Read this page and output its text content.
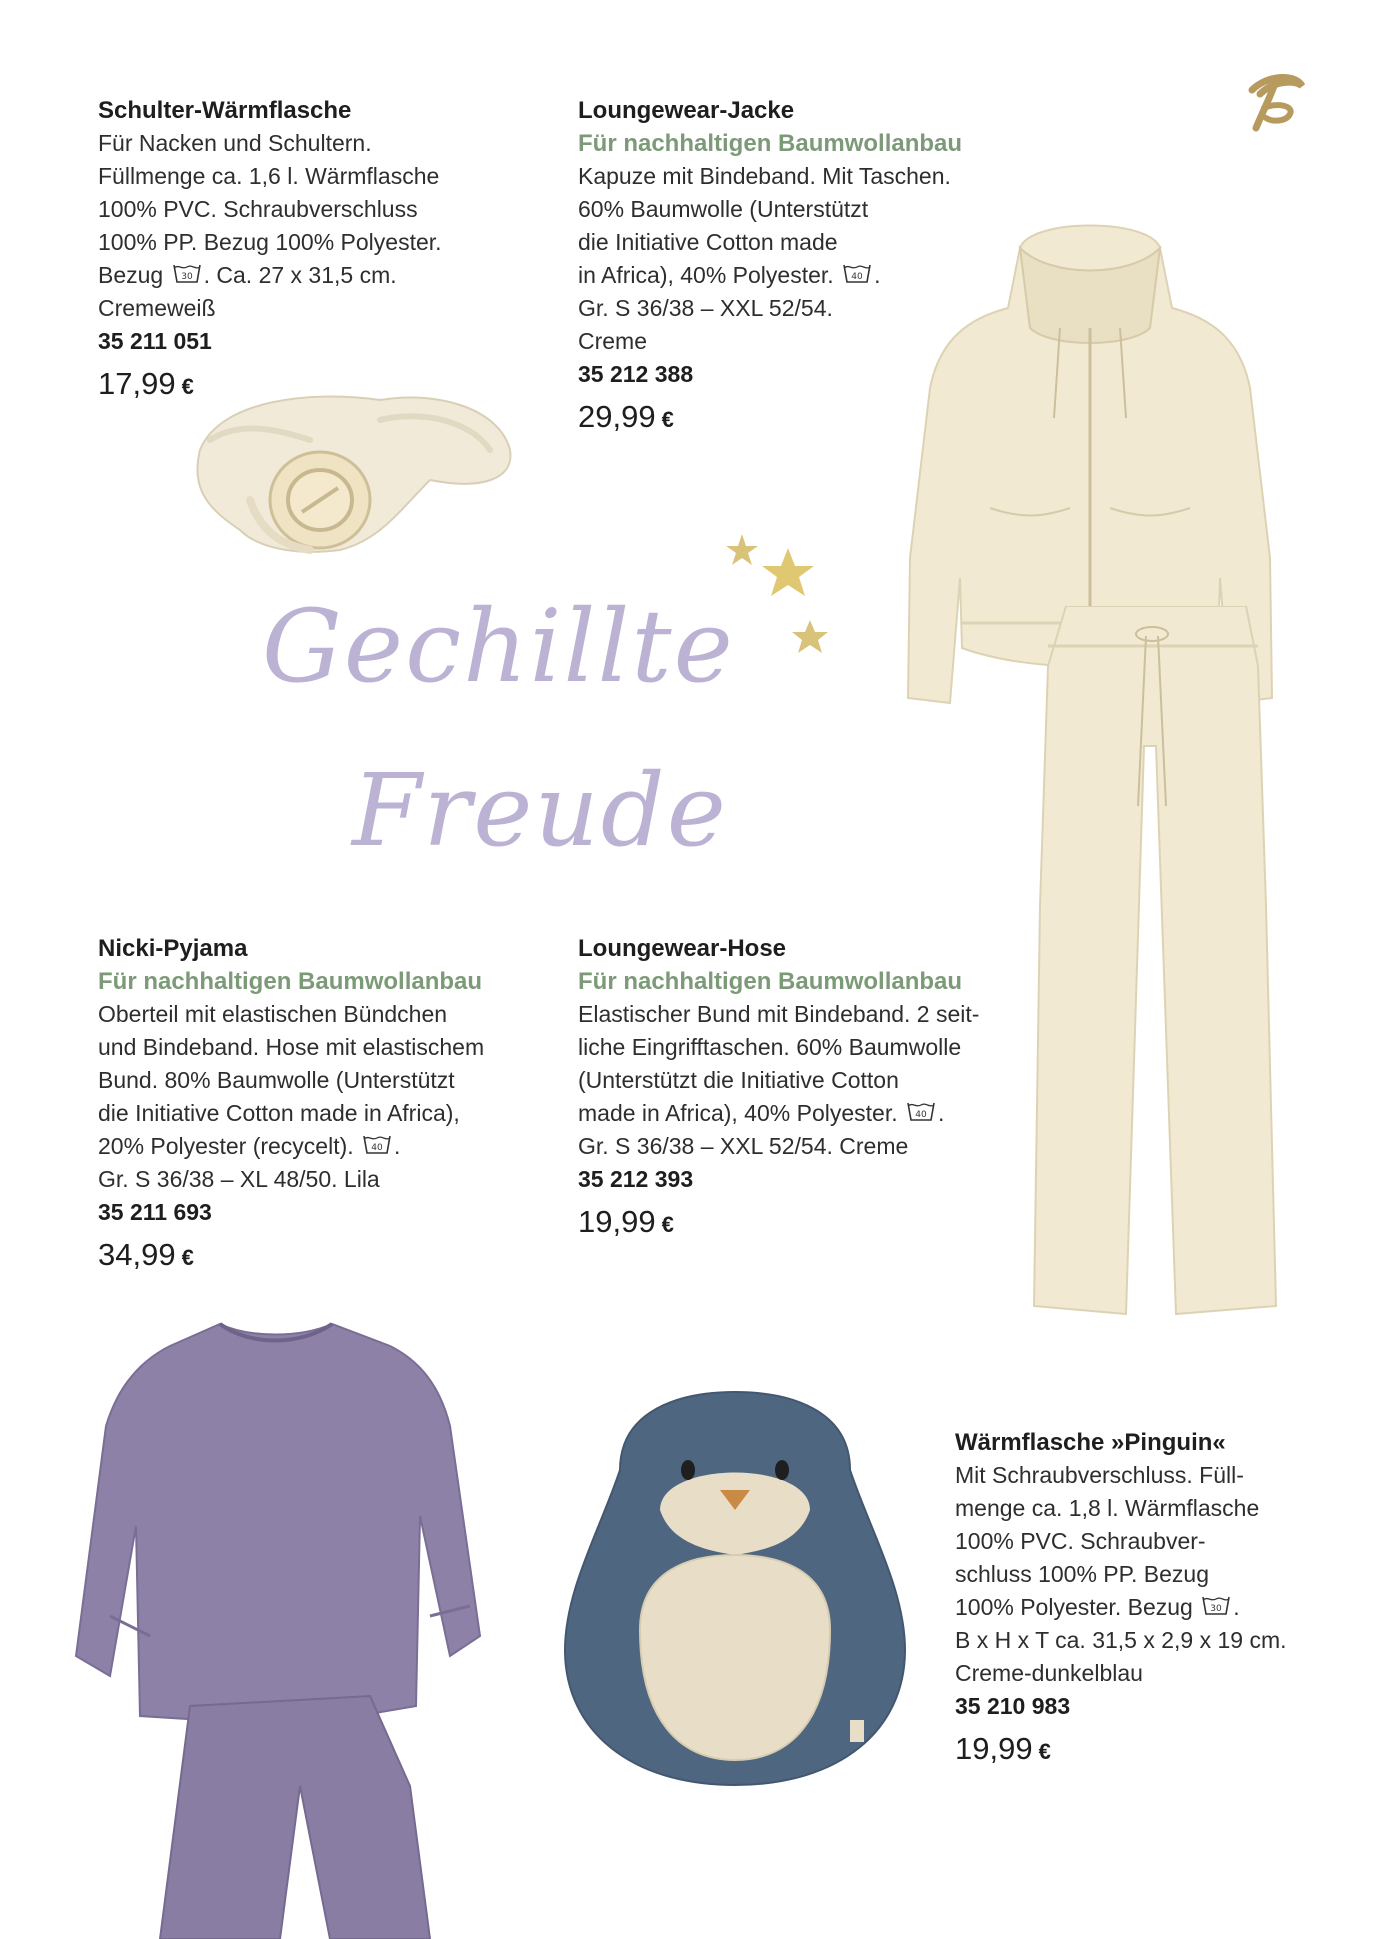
Schulter-Wärmflasche
Für Nacken und Schultern.
Füllmenge ca. 1,6 l. Wärmflasche
100% PVC. Schraubverschluss
100% PP. Bezug 100% Polyester.
Bezug 30 . Ca. 27 x 31,5 cm.
Cremeweiß
35 211 051
17,99 €
Loungewear-Jacke
Für nachhaltigen Baumwollanbau
Kapuze mit Bindeband. Mit Taschen.
60% Baumwolle (Unterstützt
die Initiative Cotton made
in Africa), 40% Polyester. 40 .
Gr. S 36/38 – XXL 52/54.
Creme
35 212 388
29,99 €
Gechillte
Freude
Nicki-Pyjama
Für nachhaltigen Baumwollanbau
Oberteil mit elastischen Bündchen
und Bindeband. Hose mit elastischem
Bund. 80% Baumwolle (Unterstützt
die Initiative Cotton made in Africa),
20% Polyester (recycelt). 40 .
Gr. S 36/38 – XL 48/50. Lila
35 211 693
34,99 €
Loungewear-Hose
Für nachhaltigen Baumwollanbau
Elastischer Bund mit Bindeband. 2 seit-
liche Eingrifftaschen. 60% Baumwolle
(Unterstützt die Initiative Cotton
made in Africa), 40% Polyester. 40 .
Gr. S 36/38 – XXL 52/54. Creme
35 212 393
19,99 €
Wärmflasche »Pinguin«
Mit Schraubverschluss. Füll-
menge ca. 1,8 l. Wärmflasche
100% PVC. Schraubver-
schluss 100% PP. Bezug
100% Polyester. Bezug 30 .
B x H x T ca. 31,5 x 2,9 x 19 cm.
Creme-dunkelblau
35 210 983
19,99 €
